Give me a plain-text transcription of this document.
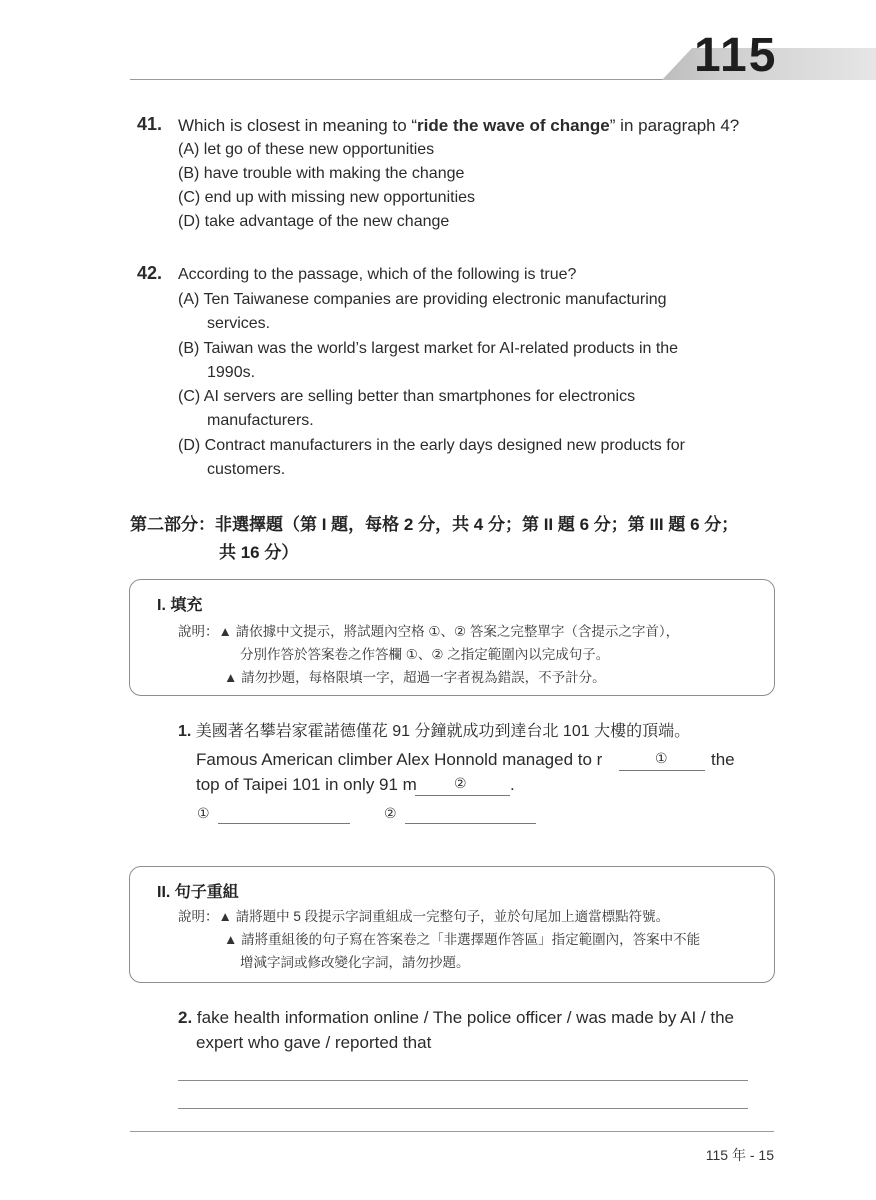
115
41. Which is closest in meaning to “ride the wave of change” in paragraph 4?
(A) let go of these new opportunities
(B) have trouble with making the change
(C) end up with missing new opportunities
(D) take advantage of the new change
42. According to the passage, which of the following is true?
(A) Ten Taiwanese companies are providing electronic manufacturing
services.
(B) Taiwan was the world’s largest market for AI-related products in the
1990s.
(C) AI servers are selling better than smartphones for electronics
manufacturers.
(D) Contract manufacturers in the early days designed new products for
customers.
第二部分：非選擇題（第 I 題，每格 2 分，共 4 分；第 II 題 6 分；第 III 題 6 分；
共 16 分）
I. 填充
說明：▲ 請依據中文提示，將試題內空格 ①、② 答案之完整單字（含提示之字首），
分別作答於答案卷之作答欄 ①、② 之指定範圍內以完成句子。
▲ 請勿抄題，每格限填一字，超過一字者視為錯誤，不予計分。
1. 美國著名攀岩家霍諾德僅花 91 分鐘就成功到達台北 101 大樓的頂端。
Famous American climber Alex Honnold managed to r	①	the
top of Taipei 101 in only 91 m	②	.
①	②
II. 句子重組
說明：▲ 請將題中 5 段提示字詞重組成一完整句子，並於句尾加上適當標點符號。
▲ 請將重組後的句子寫在答案卷之「非選擇題作答區」指定範圍內，答案中不能
增減字詞或修改變化字詞，請勿抄題。
2. fake health information online / The police officer / was made by AI / the
expert who gave / reported that
115 年 - 15
